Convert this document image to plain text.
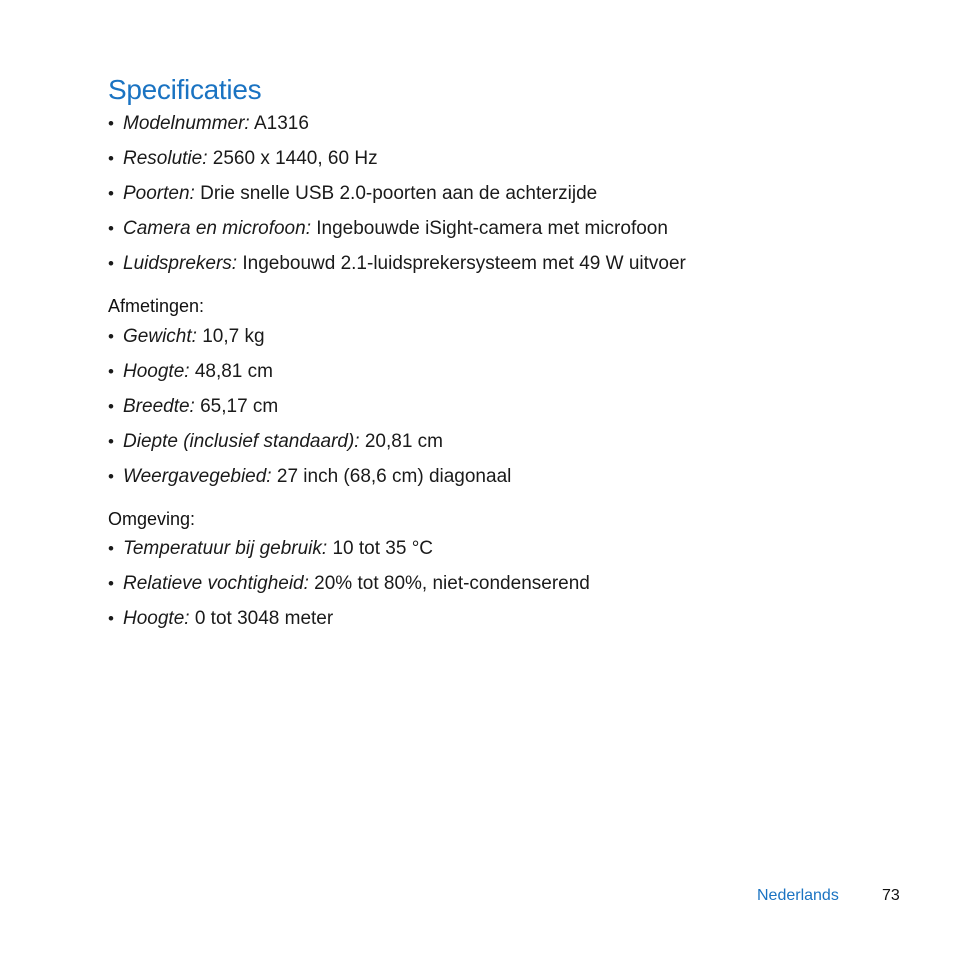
Specificaties
• Modelnummer: A1316
• Resolutie: 2560 x 1440, 60 Hz
• Poorten: Drie snelle USB 2.0-poorten aan de achterzijde
• Camera en microfoon: Ingebouwde iSight-camera met microfoon
• Luidsprekers: Ingebouwd 2.1-luidsprekersysteem met 49 W uitvoer
Afmetingen:
• Gewicht: 10,7 kg
• Hoogte: 48,81 cm
• Breedte: 65,17 cm
• Diepte (inclusief standaard): 20,81 cm
• Weergavegebied: 27 inch (68,6 cm) diagonaal
Omgeving:
• Temperatuur bij gebruik: 10 tot 35 °C
• Relatieve vochtigheid: 20% tot 80%, niet-condenserend
• Hoogte: 0 tot 3048 meter
Nederlands	73
